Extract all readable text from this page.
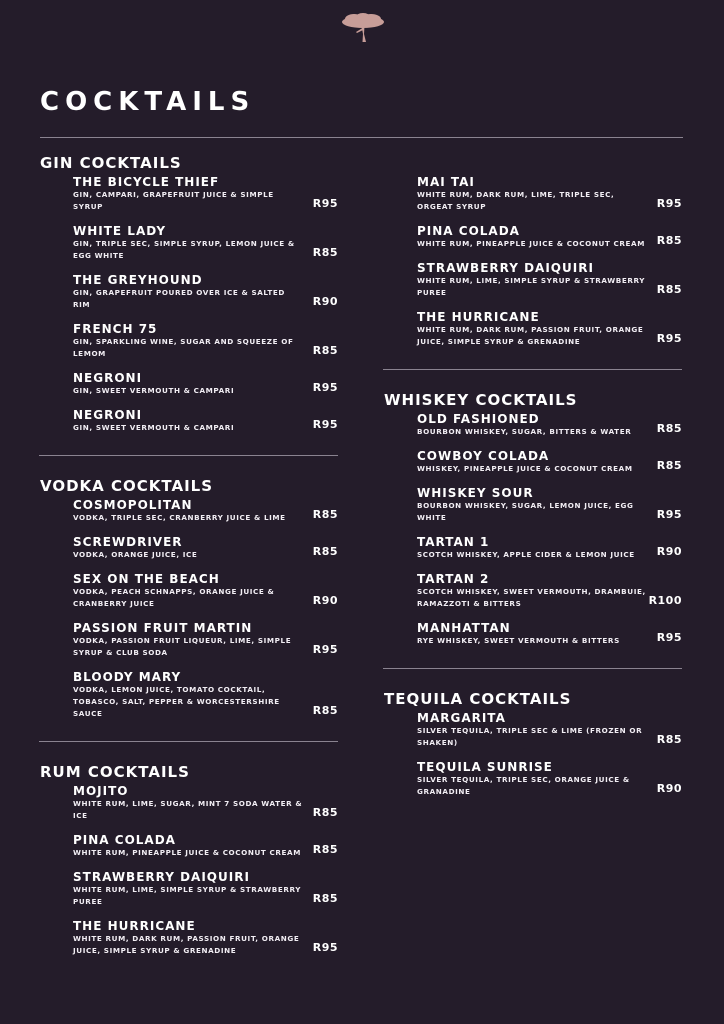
COCKTAILS
GIN COCKTAILS
THE BICYCLE THIEF
GIN, CAMPARI, GRAPEFRUIT JUICE & SIMPLE SYRUP	R95
WHITE LADY
GIN, TRIPLE SEC, SIMPLE SYRUP, LEMON JUICE & EGG WHITE	R85
THE GREYHOUND
GIN, GRAPEFRUIT POURED OVER ICE & SALTED RIM	R90
FRENCH 75
GIN, SPARKLING WINE, SUGAR AND SQUEEZE OF LEMOM	R85
NEGRONI
GIN, SWEET VERMOUTH & CAMPARI	R95
NEGRONI
GIN, SWEET VERMOUTH & CAMPARI	R95
VODKA COCKTAILS
COSMOPOLITAN
VODKA, TRIPLE SEC, CRANBERRY JUICE & LIME	R85
SCREWDRIVER
VODKA, ORANGE JUICE, ICE	R85
SEX ON THE BEACH
VODKA, PEACH SCHNAPPS, ORANGE JUICE & CRANBERRY JUICE	R90
PASSION FRUIT MARTIN
VODKA, PASSION FRUIT LIQUEUR, LIME, SIMPLE SYRUP & CLUB SODA	R95
BLOODY MARY
VODKA, LEMON JUICE, TOMATO COCKTAIL, TOBASCO, SALT, PEPPER & WORCESTERSHIRE SAUCE	R85
RUM COCKTAILS
MOJITO
WHITE RUM, LIME, SUGAR, MINT 7 SODA WATER & ICE	R85
PINA COLADA
WHITE RUM, PINEAPPLE JUICE & COCONUT CREAM	R85
STRAWBERRY DAIQUIRI
WHITE RUM, LIME, SIMPLE SYRUP & STRAWBERRY PUREE	R85
THE HURRICANE
WHITE RUM, DARK RUM, PASSION FRUIT, ORANGE JUICE, SIMPLE SYRUP & GRENADINE	R95
MAI TAI
WHITE RUM, DARK RUM, LIME, TRIPLE SEC, ORGEAT SYRUP	R95
PINA COLADA
WHITE RUM, PINEAPPLE JUICE & COCONUT CREAM	R85
STRAWBERRY DAIQUIRI
WHITE RUM, LIME, SIMPLE SYRUP & STRAWBERRY PUREE	R85
THE HURRICANE
WHITE RUM, DARK RUM, PASSION FRUIT, ORANGE JUICE, SIMPLE SYRUP & GRENADINE	R95
WHISKEY COCKTAILS
OLD FASHIONED
BOURBON WHISKEY, SUGAR, BITTERS & WATER	R85
COWBOY COLADA
WHISKEY, PINEAPPLE JUICE & COCONUT CREAM	R85
WHISKEY SOUR
BOURBON WHISKEY, SUGAR, LEMON JUICE, EGG WHITE	R95
TARTAN 1
SCOTCH WHISKEY, APPLE CIDER & LEMON JUICE	R90
TARTAN 2
SCOTCH WHISKEY, SWEET VERMOUTH, DRAMBUIE, RAMAZZOTI & BITTERS	R100
MANHATTAN
RYE WHISKEY, SWEET VERMOUTH & BITTERS	R95
TEQUILA COCKTAILS
MARGARITA
SILVER TEQUILA, TRIPLE SEC & LIME (FROZEN OR SHAKEN)	R85
TEQUILA SUNRISE
SILVER TEQUILA, TRIPLE SEC, ORANGE JUICE & GRANADINE	R90
